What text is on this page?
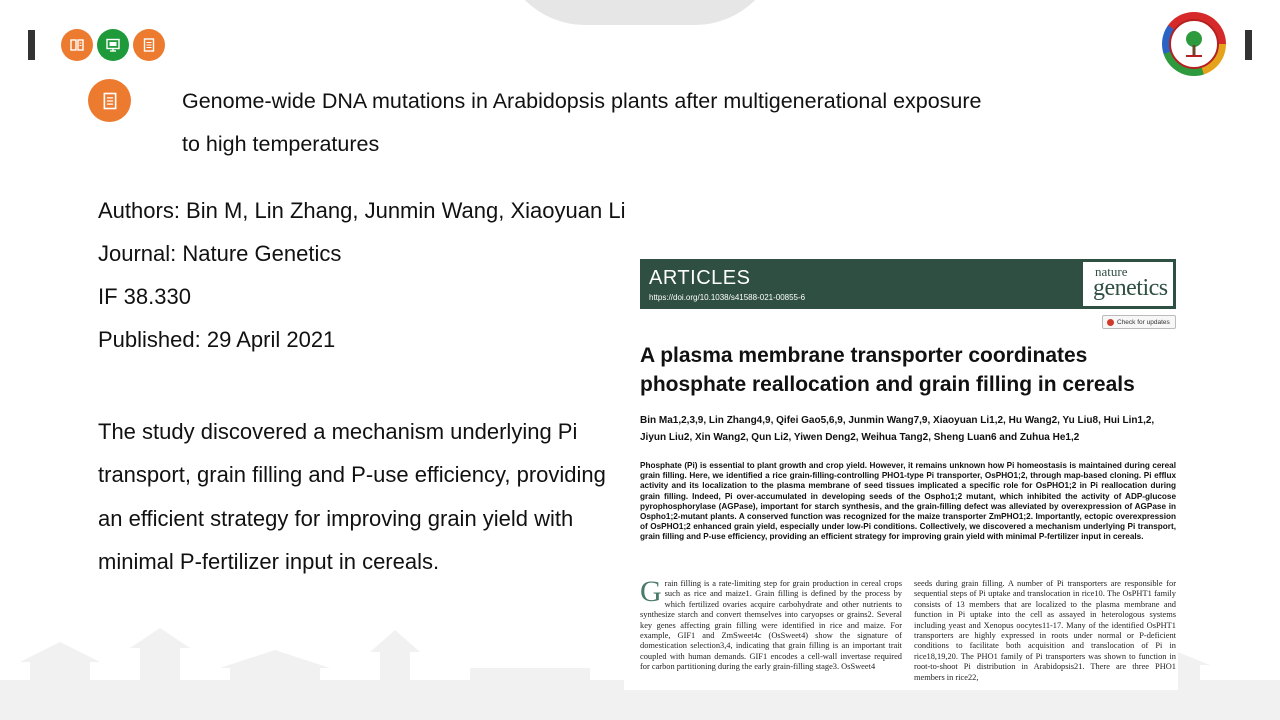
Genome-wide DNA mutations in Arabidopsis plants after multigenerational exposure to high temperatures
Authors: Bin M, Lin Zhang, Junmin Wang, Xiaoyuan Li
Journal: Nature Genetics
IF 38.330
Published: 29 April 2021
The study discovered a mechanism underlying Pi transport, grain filling and P-use efficiency, providing an efficient strategy for improving grain yield with minimal P-fertilizer input in cereals.
ARTICLES
https://doi.org/10.1038/s41588-021-00855-6
nature
genetics
Check for updates
A plasma membrane transporter coordinates phosphate reallocation and grain filling in cereals
Bin Ma1,2,3,9, Lin Zhang4,9, Qifei Gao5,6,9, Junmin Wang7,9, Xiaoyuan Li1,2, Hu Wang2, Yu Liu8, Hui Lin1,2,
Jiyun Liu2, Xin Wang2, Qun Li2, Yiwen Deng2, Weihua Tang2, Sheng Luan6 and Zuhua He1,2
Phosphate (Pi) is essential to plant growth and crop yield. However, it remains unknown how Pi homeostasis is maintained during cereal grain filling. Here, we identified a rice grain-filling-controlling PHO1-type Pi transporter, OsPHO1;2, through map-based cloning. Pi efflux activity and its localization to the plasma membrane of seed tissues implicated a specific role for OsPHO1;2 in Pi reallocation during grain filling. Indeed, Pi over-accumulated in developing seeds of the Ospho1;2 mutant, which inhibited the activity of ADP-glucose pyrophosphorylase (AGPase), important for starch synthesis, and the grain-filling defect was alleviated by overexpression of AGPase in Ospho1;2-mutant plants. A conserved function was recognized for the maize transporter ZmPHO1;2. Importantly, ectopic overexpression of OsPHO1;2 enhanced grain yield, especially under low-Pi conditions. Collectively, we discovered a mechanism underlying Pi transport, grain filling and P-use efficiency, providing an efficient strategy for improving grain yield with minimal P-fertilizer input in cereals.
Grain filling is a rate-limiting step for grain production in cereal crops such as rice and maize1. Grain filling is defined by the process by which fertilized ovaries acquire carbohydrate and other nutrients to synthesize starch and convert themselves into caryopses or grains2. Several key genes affecting grain filling were identified in rice and maize. For example, GIF1 and ZmSweet4c (OsSweet4) show the signature of domestication selection3,4, indicating that grain filling is an important trait coupled with human demands. GIF1 encodes a cell-wall invertase required for carbon partitioning during the early grain-filling stage3. OsSweet4
seeds during grain filling. A number of Pi transporters are responsible for sequential steps of Pi uptake and translocation in rice10. The OsPHT1 family consists of 13 members that are localized to the plasma membrane and function in Pi uptake into the cell as assayed in heterologous systems including yeast and Xenopus oocytes11-17. Many of the identified OsPHT1 transporters are highly expressed in roots under normal or P-deficient conditions to facilitate both acquisition and translocation of Pi in rice18,19,20. The PHO1 family of Pi transporters was shown to function in root-to-shoot Pi distribution in Arabidopsis21. There are three PHO1 members in rice22,
